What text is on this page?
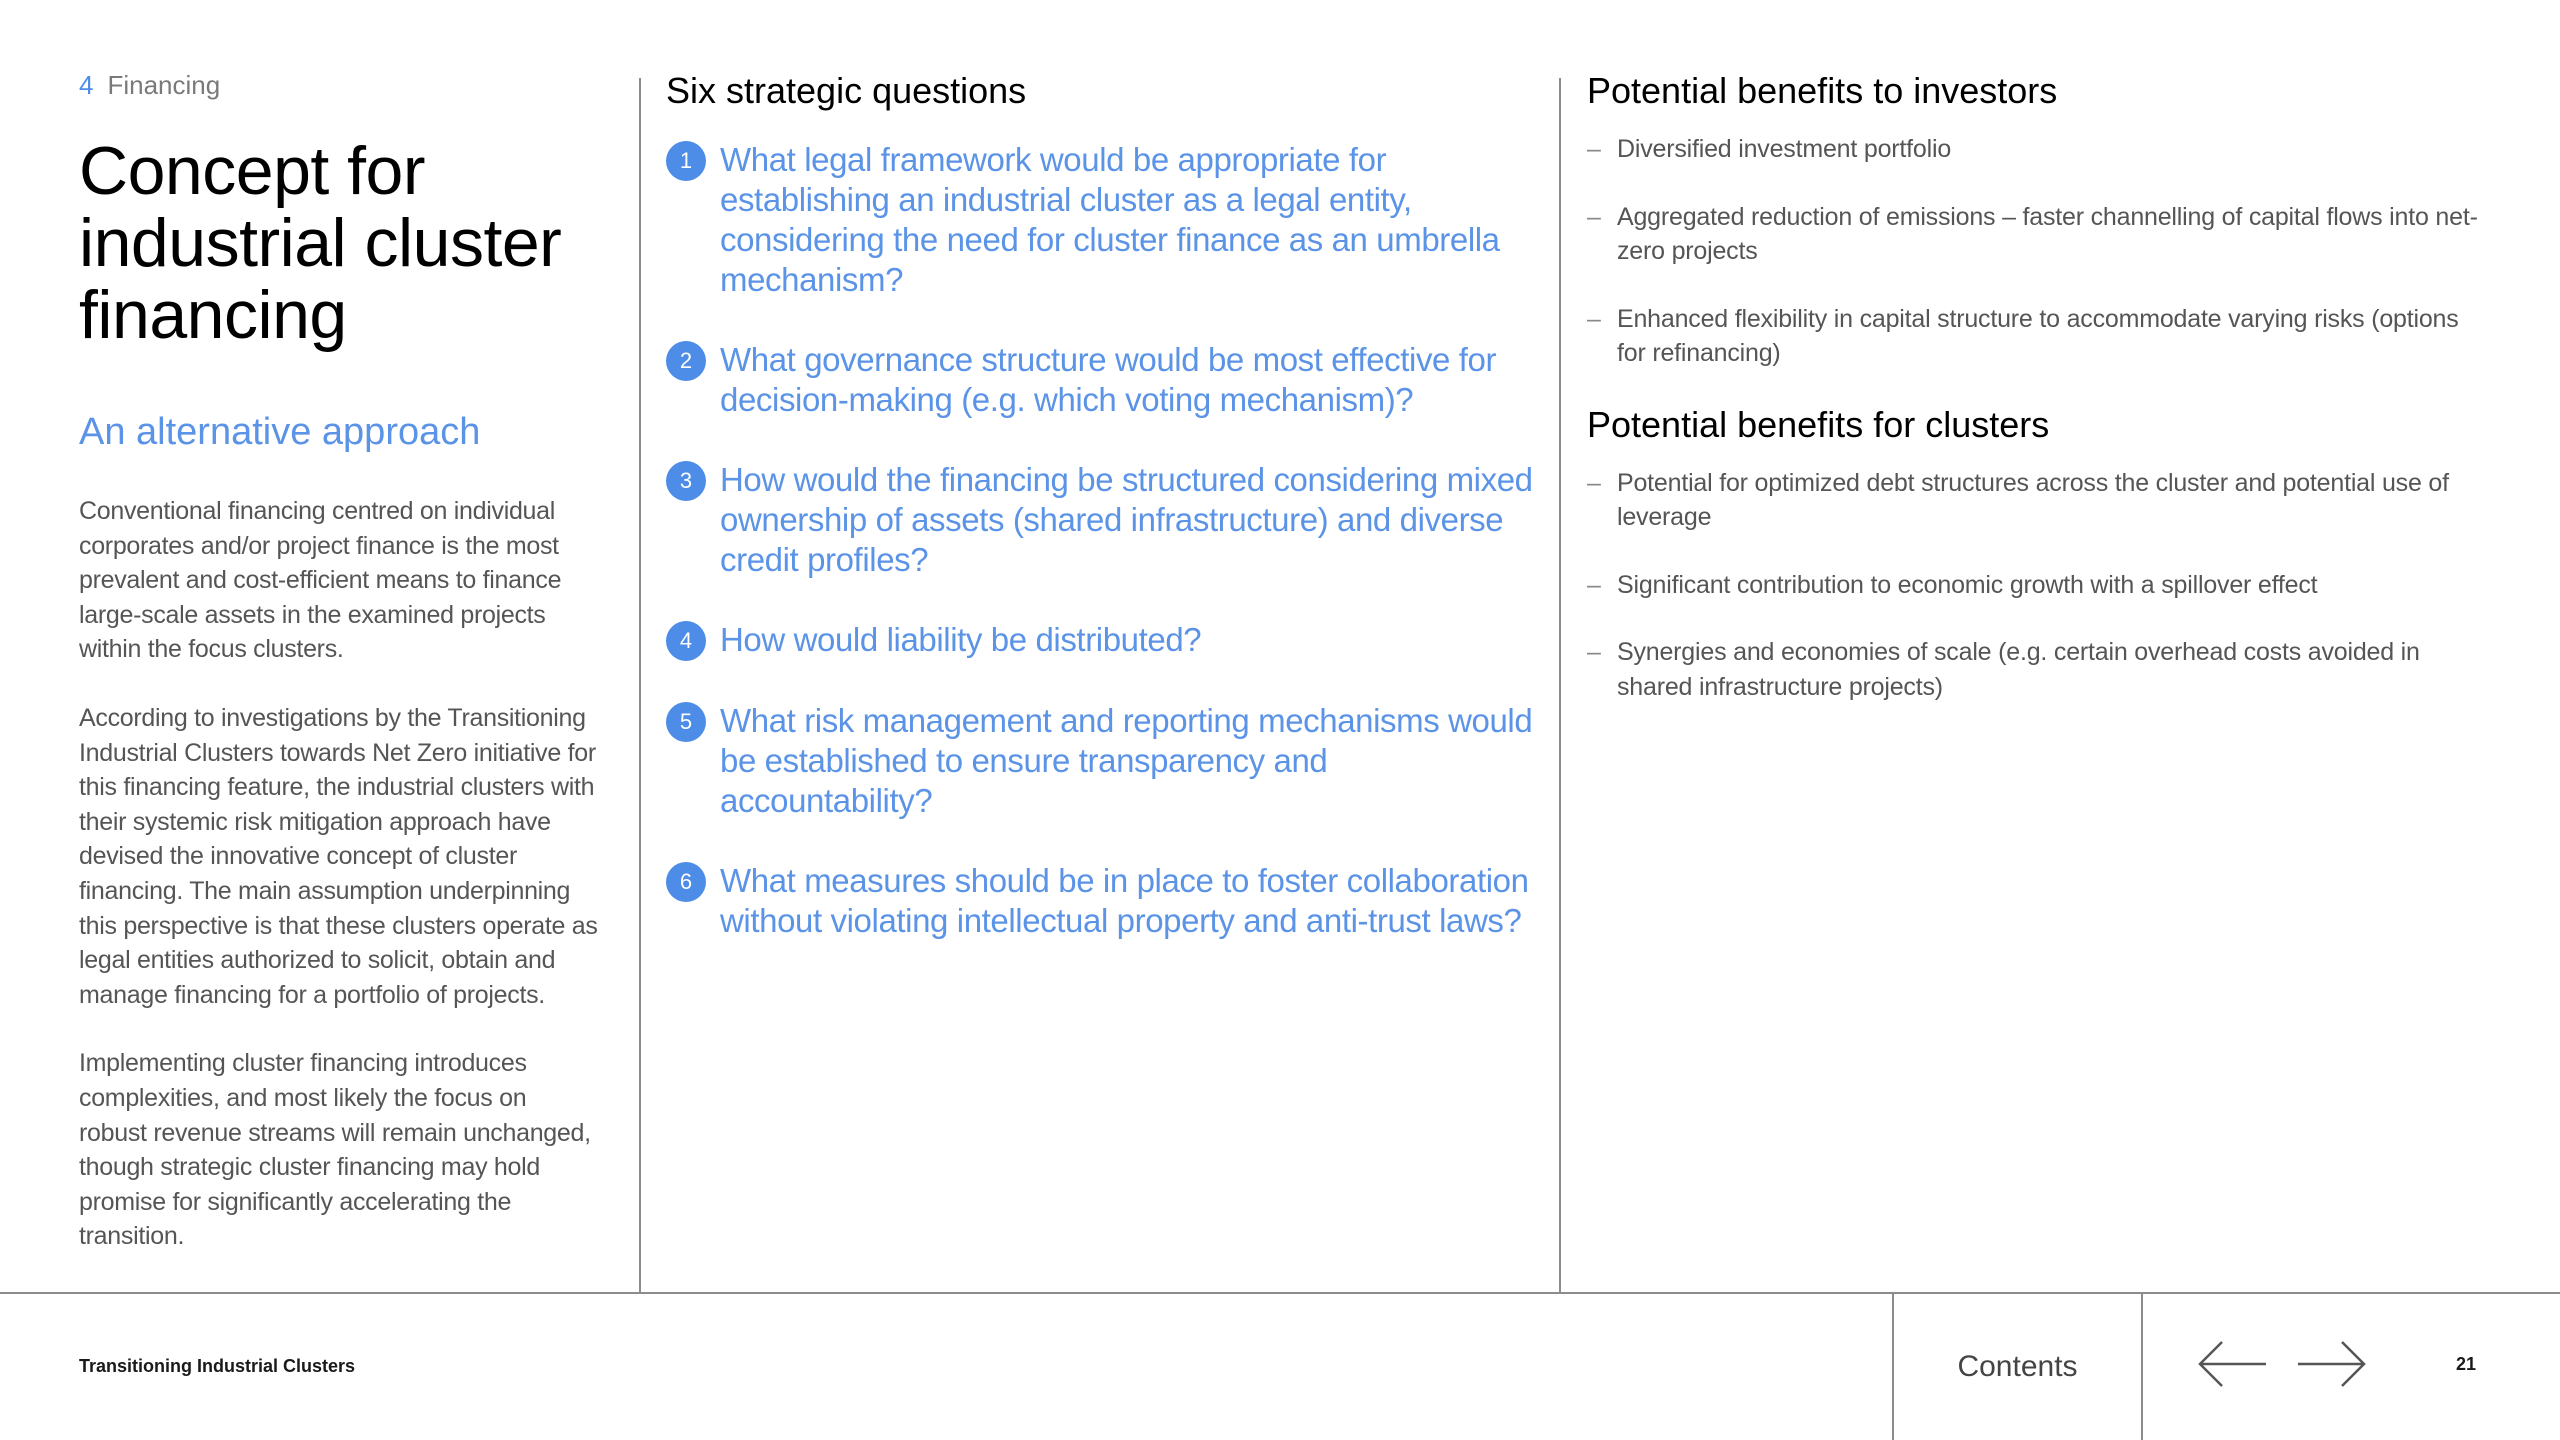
4 Financing
Concept for industrial cluster financing
An alternative approach

Conventional financing centred on individual corporates and/or project finance is the most prevalent and cost-efficient means to finance large-scale assets in the examined projects within the focus clusters.

According to investigations by the Transitioning Industrial Clusters towards Net Zero initiative for this financing feature, the industrial clusters with their systemic risk mitigation approach have devised the innovative concept of cluster financing. The main assumption underpinning this perspective is that these clusters operate as legal entities authorized to solicit, obtain and manage financing for a portfolio of projects.

Implementing cluster financing introduces complexities, and most likely the focus on robust revenue streams will remain unchanged, though strategic cluster financing may hold promise for significantly accelerating the transition.

Six strategic questions
1 What legal framework would be appropriate for establishing an industrial cluster as a legal entity, considering the need for cluster finance as an umbrella mechanism?
2 What governance structure would be most effective for decision-making (e.g. which voting mechanism)?
3 How would the financing be structured considering mixed ownership of assets (shared infrastructure) and diverse credit profiles?
4 How would liability be distributed?
5 What risk management and reporting mechanisms would be established to ensure transparency and accountability?
6 What measures should be in place to foster collaboration without violating intellectual property and anti-trust laws?
Potential benefits to investors
– Diversified investment portfolio
– Aggregated reduction of emissions – faster channelling of capital flows into net-zero projects
– Enhanced flexibility in capital structure to accommodate varying risks (options for refinancing)
Potential benefits for clusters
– Potential for optimized debt structures across the cluster and potential use of leverage
– Significant contribution to economic growth with a spillover effect
– Synergies and economies of scale (e.g. certain overhead costs avoided in shared infrastructure projects)
Transitioning Industrial Clusters	Contents	21
